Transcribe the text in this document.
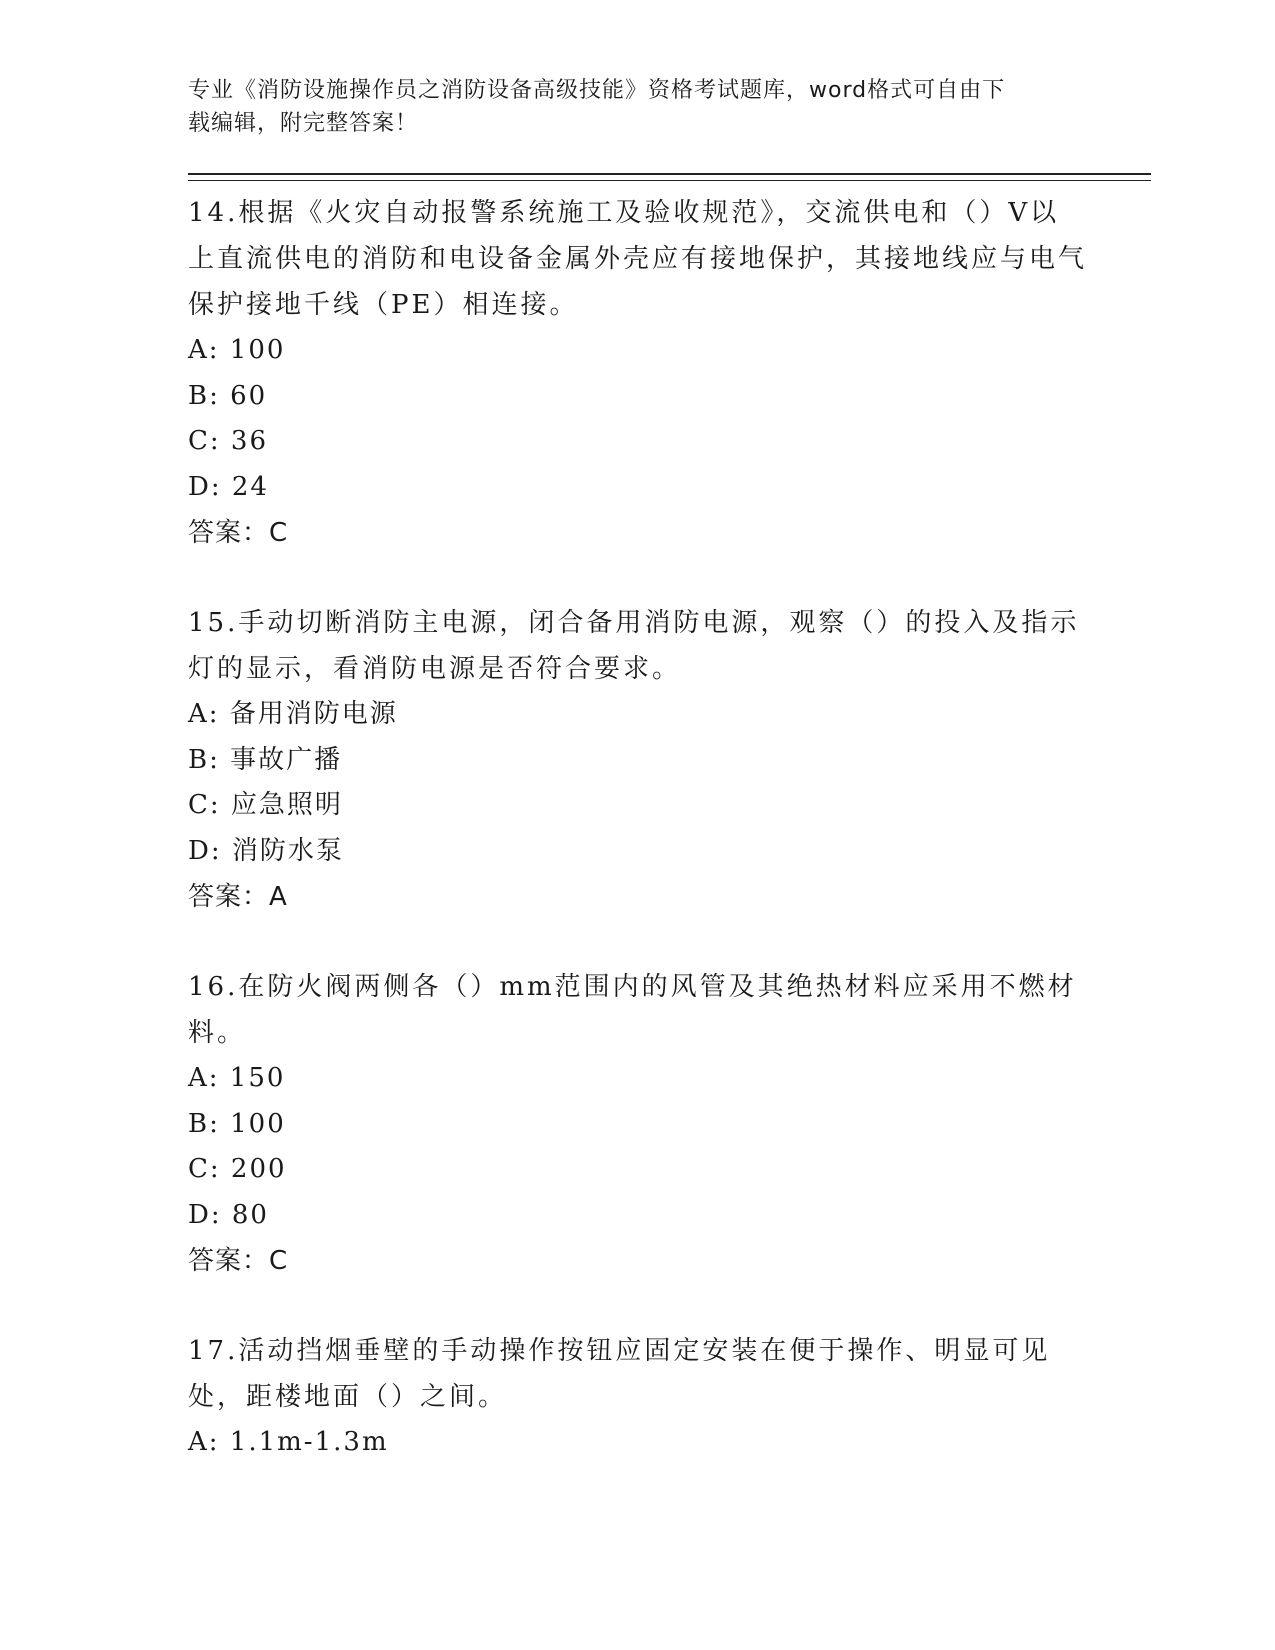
专业《消防设施操作员之消防设备高级技能》资格考试题库，word格式可自由下
载编辑，附完整答案！

14.根据《火灾自动报警系统施工及验收规范》，交流供电和（）V以上直流供电的消防和电设备金属外壳应有接地保护，其接地线应与电气保护接地千线（PE）相连接。

A: 100
B: 60
C: 36
D: 24
答案：C

15.手动切断消防主电源，闭合备用消防电源，观察（）的投入及指示灯的显示，看消防电源是否符合要求。

A: 备用消防电源
B: 事故广播
C: 应急照明
D: 消防水泵
答案：A

16.在防火阀两侧各（）mm范围内的风管及其绝热材料应采用不燃材料。

A: 150
B: 100
C: 200
D: 80
答案：C

17.活动挡烟垂壁的手动操作按钮应固定安装在便于操作、明显可见处，距楼地面（）之间。

A: 1.1m-1.3m
